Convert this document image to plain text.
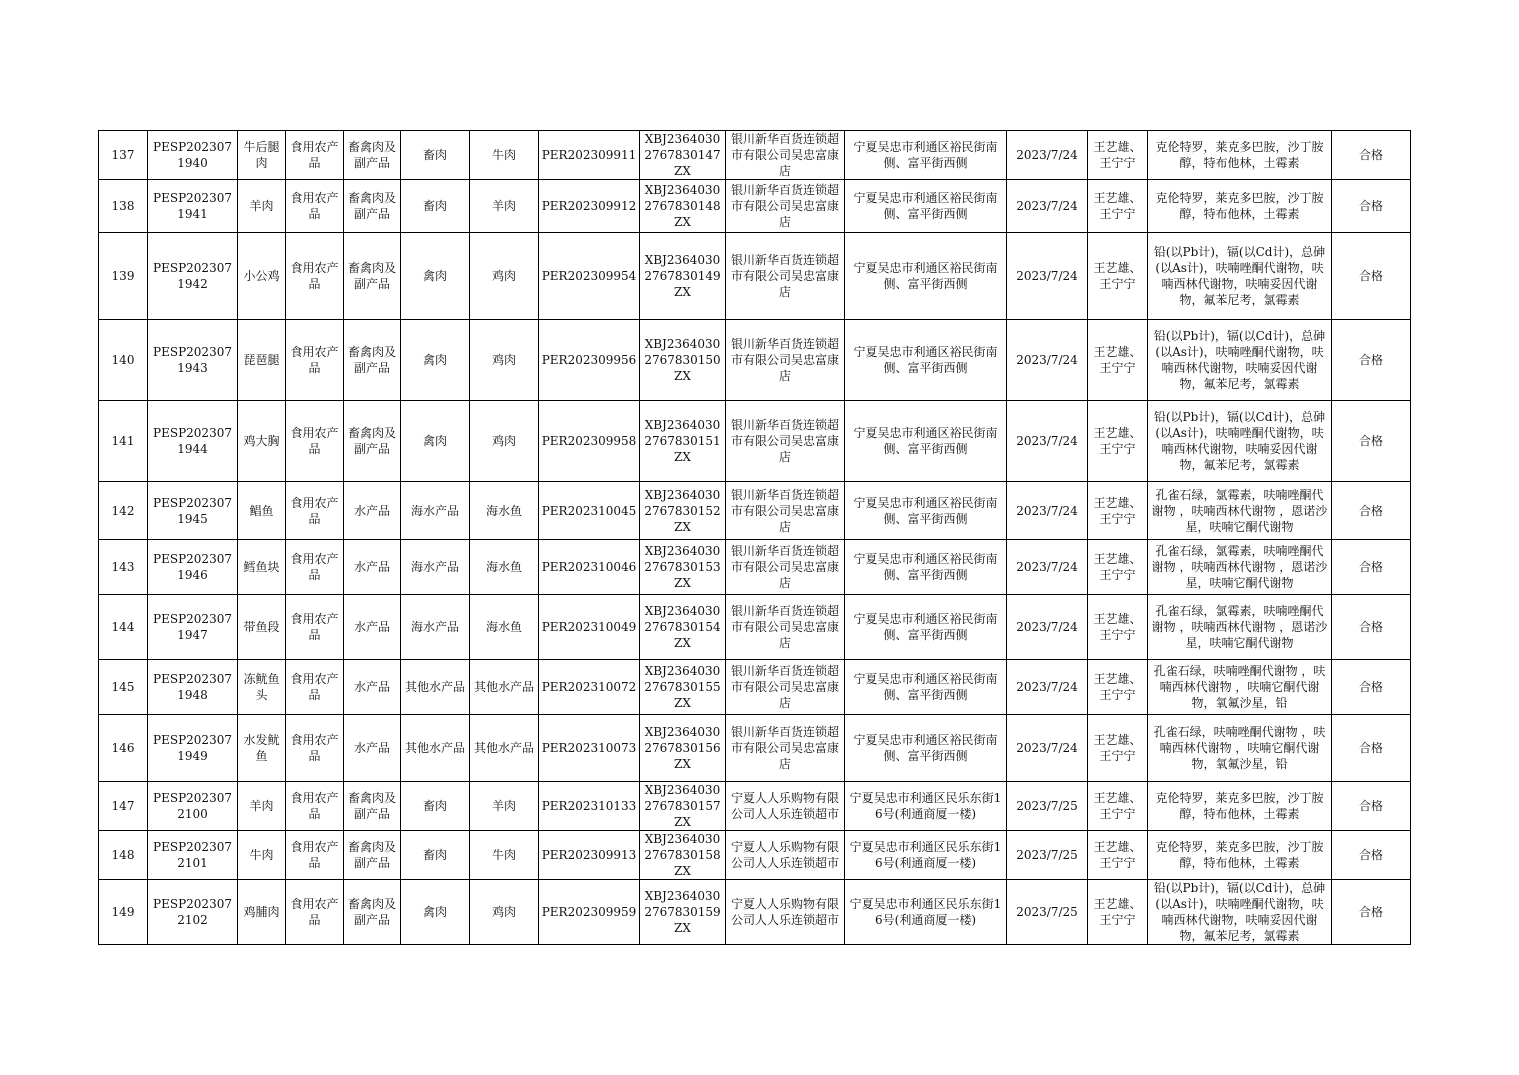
137	PESP2023071940	牛后腿肉	食用农产品	畜禽肉及副产品	畜肉	牛肉	PER202309911	XBJ23640302767830147ZX	银川新华百货连锁超市有限公司吴忠富康店	宁夏吴忠市利通区裕民街南侧、富平街西侧	2023/7/24	王艺雄、王宁宁	克伦特罗，莱克多巴胺，沙丁胺醇，特布他林，土霉素	合格
138	PESP2023071941	羊肉	食用农产品	畜禽肉及副产品	畜肉	羊肉	PER202309912	XBJ23640302767830148ZX	银川新华百货连锁超市有限公司吴忠富康店	宁夏吴忠市利通区裕民街南侧、富平街西侧	2023/7/24	王艺雄、王宁宁	克伦特罗，莱克多巴胺，沙丁胺醇，特布他林，土霉素	合格
139	PESP2023071942	小公鸡	食用农产品	畜禽肉及副产品	禽肉	鸡肉	PER202309954	XBJ23640302767830149ZX	银川新华百货连锁超市有限公司吴忠富康店	宁夏吴忠市利通区裕民街南侧、富平街西侧	2023/7/24	王艺雄、王宁宁	铅(以Pb计)，镉(以Cd计)，总砷(以As计)，呋喃唑酮代谢物，呋喃西林代谢物，呋喃妥因代谢物，氟苯尼考，氯霉素	合格
140	PESP2023071943	琵琶腿	食用农产品	畜禽肉及副产品	禽肉	鸡肉	PER202309956	XBJ23640302767830150ZX	银川新华百货连锁超市有限公司吴忠富康店	宁夏吴忠市利通区裕民街南侧、富平街西侧	2023/7/24	王艺雄、王宁宁	铅(以Pb计)，镉(以Cd计)，总砷(以As计)，呋喃唑酮代谢物，呋喃西林代谢物，呋喃妥因代谢物，氟苯尼考，氯霉素	合格
141	PESP2023071944	鸡大胸	食用农产品	畜禽肉及副产品	禽肉	鸡肉	PER202309958	XBJ23640302767830151ZX	银川新华百货连锁超市有限公司吴忠富康店	宁夏吴忠市利通区裕民街南侧、富平街西侧	2023/7/24	王艺雄、王宁宁	铅(以Pb计)，镉(以Cd计)，总砷(以As计)，呋喃唑酮代谢物，呋喃西林代谢物，呋喃妥因代谢物，氟苯尼考，氯霉素	合格
142	PESP2023071945	鲳鱼	食用农产品	水产品	海水产品	海水鱼	PER202310045	XBJ23640302767830152ZX	银川新华百货连锁超市有限公司吴忠富康店	宁夏吴忠市利通区裕民街南侧、富平街西侧	2023/7/24	王艺雄、王宁宁	孔雀石绿，氯霉素，呋喃唑酮代谢物 ，呋喃西林代谢物 ，恩诺沙星，呋喃它酮代谢物	合格
143	PESP2023071946	鳕鱼块	食用农产品	水产品	海水产品	海水鱼	PER202310046	XBJ23640302767830153ZX	银川新华百货连锁超市有限公司吴忠富康店	宁夏吴忠市利通区裕民街南侧、富平街西侧	2023/7/24	王艺雄、王宁宁	孔雀石绿，氯霉素，呋喃唑酮代谢物 ，呋喃西林代谢物 ，恩诺沙星，呋喃它酮代谢物	合格
144	PESP2023071947	带鱼段	食用农产品	水产品	海水产品	海水鱼	PER202310049	XBJ23640302767830154ZX	银川新华百货连锁超市有限公司吴忠富康店	宁夏吴忠市利通区裕民街南侧、富平街西侧	2023/7/24	王艺雄、王宁宁	孔雀石绿，氯霉素，呋喃唑酮代谢物 ，呋喃西林代谢物 ，恩诺沙星，呋喃它酮代谢物	合格
145	PESP2023071948	冻鱿鱼头	食用农产品	水产品	其他水产品	其他水产品	PER202310072	XBJ23640302767830155ZX	银川新华百货连锁超市有限公司吴忠富康店	宁夏吴忠市利通区裕民街南侧、富平街西侧	2023/7/24	王艺雄、王宁宁	孔雀石绿，呋喃唑酮代谢物 ，呋喃西林代谢物 ，呋喃它酮代谢物，氧氟沙星，铅	合格
146	PESP2023071949	水发鱿鱼	食用农产品	水产品	其他水产品	其他水产品	PER202310073	XBJ23640302767830156ZX	银川新华百货连锁超市有限公司吴忠富康店	宁夏吴忠市利通区裕民街南侧、富平街西侧	2023/7/24	王艺雄、王宁宁	孔雀石绿，呋喃唑酮代谢物 ，呋喃西林代谢物 ，呋喃它酮代谢物，氧氟沙星，铅	合格
147	PESP2023072100	羊肉	食用农产品	畜禽肉及副产品	畜肉	羊肉	PER202310133	XBJ23640302767830157ZX	宁夏人人乐购物有限公司人人乐连锁超市	宁夏吴忠市利通区民乐东街16号(利通商厦一楼)	2023/7/25	王艺雄、王宁宁	克伦特罗，莱克多巴胺，沙丁胺醇，特布他林，土霉素	合格
148	PESP2023072101	牛肉	食用农产品	畜禽肉及副产品	畜肉	牛肉	PER202309913	XBJ23640302767830158ZX	宁夏人人乐购物有限公司人人乐连锁超市	宁夏吴忠市利通区民乐东街16号(利通商厦一楼)	2023/7/25	王艺雄、王宁宁	克伦特罗，莱克多巴胺，沙丁胺醇，特布他林，土霉素	合格
149	PESP2023072102	鸡脯肉	食用农产品	畜禽肉及副产品	禽肉	鸡肉	PER202309959	XBJ23640302767830159ZX	宁夏人人乐购物有限公司人人乐连锁超市	宁夏吴忠市利通区民乐东街16号(利通商厦一楼)	2023/7/25	王艺雄、王宁宁	铅(以Pb计)，镉(以Cd计)，总砷(以As计)，呋喃唑酮代谢物，呋喃西林代谢物，呋喃妥因代谢物，氟苯尼考，氯霉素	合格
